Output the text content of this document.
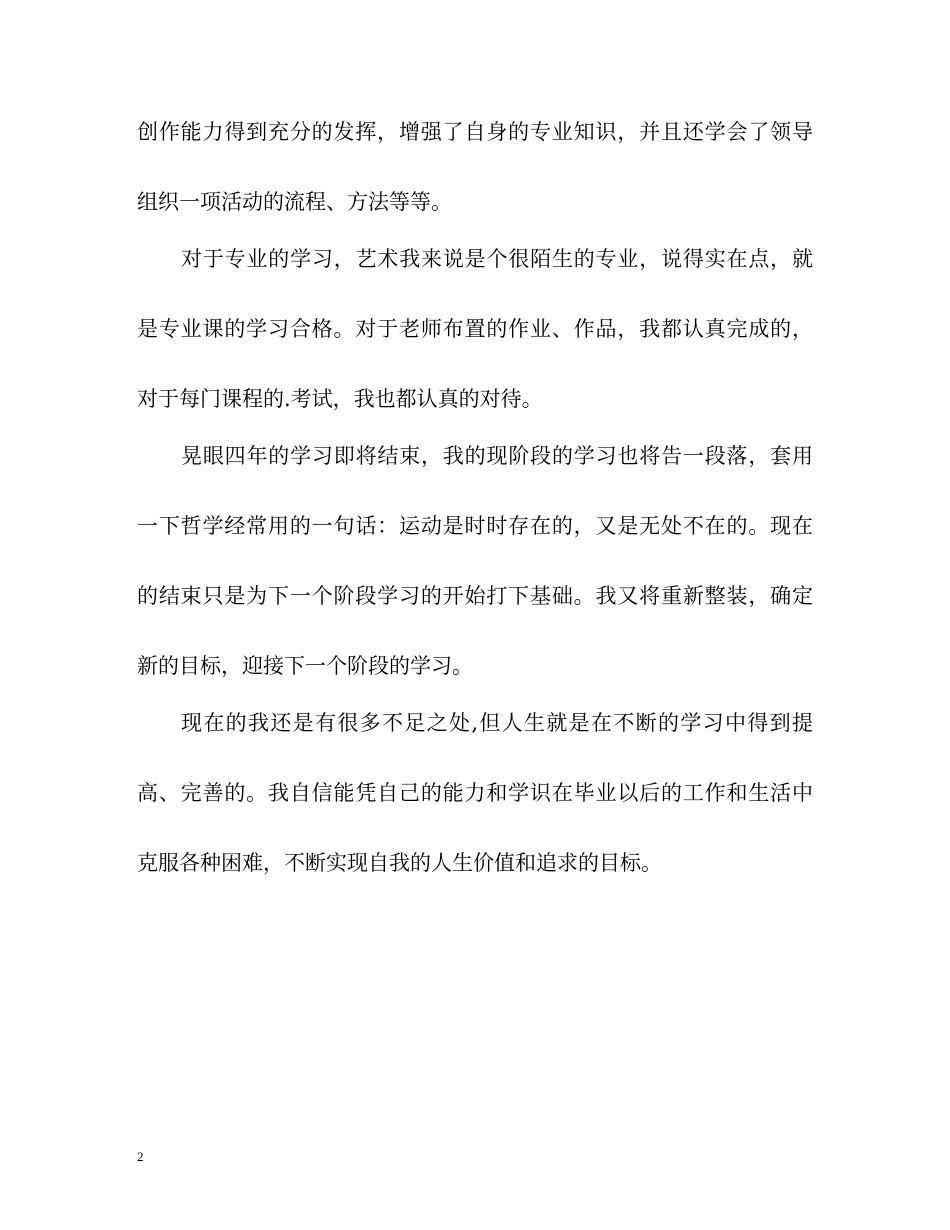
创作能力得到充分的发挥，增强了自身的专业知识，并且还学会了领导
组织一项活动的流程、方法等等。
对于专业的学习，艺术我来说是个很陌生的专业，说得实在点，就
是专业课的学习合格。对于老师布置的作业、作品，我都认真完成的，
对于每门课程的.考试，我也都认真的对待。
晃眼四年的学习即将结束，我的现阶段的学习也将告一段落，套用
一下哲学经常用的一句话：运动是时时存在的，又是无处不在的。现在
的结束只是为下一个阶段学习的开始打下基础。我又将重新整装，确定
新的目标，迎接下一个阶段的学习。
现在的我还是有很多不足之处,但人生就是在不断的学习中得到提
高、完善的。我自信能凭自己的能力和学识在毕业以后的工作和生活中
克服各种困难，不断实现自我的人生价值和追求的目标。
2
